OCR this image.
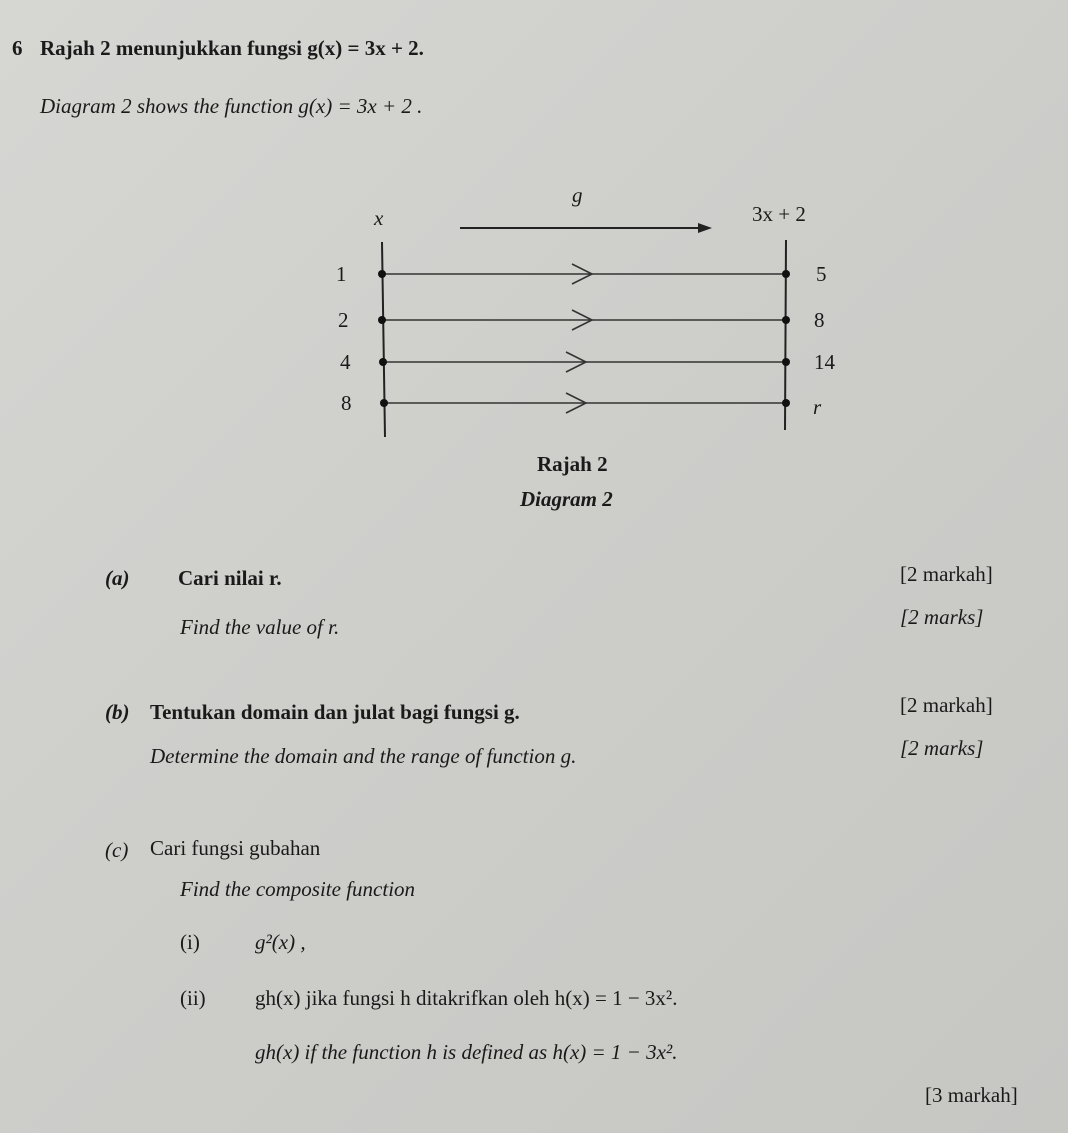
6 Rajah 2 menunjukkan fungsi g(x) = 3x + 2.
Diagram 2 shows the function g(x) = 3x + 2 .
x
g
3x + 2
1
2
4
8
5
8
14
r
Rajah 2
Diagram 2
(a) Cari nilai r.
Find the value of r.
[2 markah]
[2 marks]
(b) Tentukan domain dan julat bagi fungsi g.
Determine the domain and the range of function g.
[2 markah]
[2 marks]
(c) Cari fungsi gubahan
Find the composite function
(i)	g²(x) ,
(ii) gh(x) jika fungsi h ditakrifkan oleh h(x) = 1 − 3x².
gh(x) if the function h is defined as h(x) = 1 − 3x².
[3 markah]
